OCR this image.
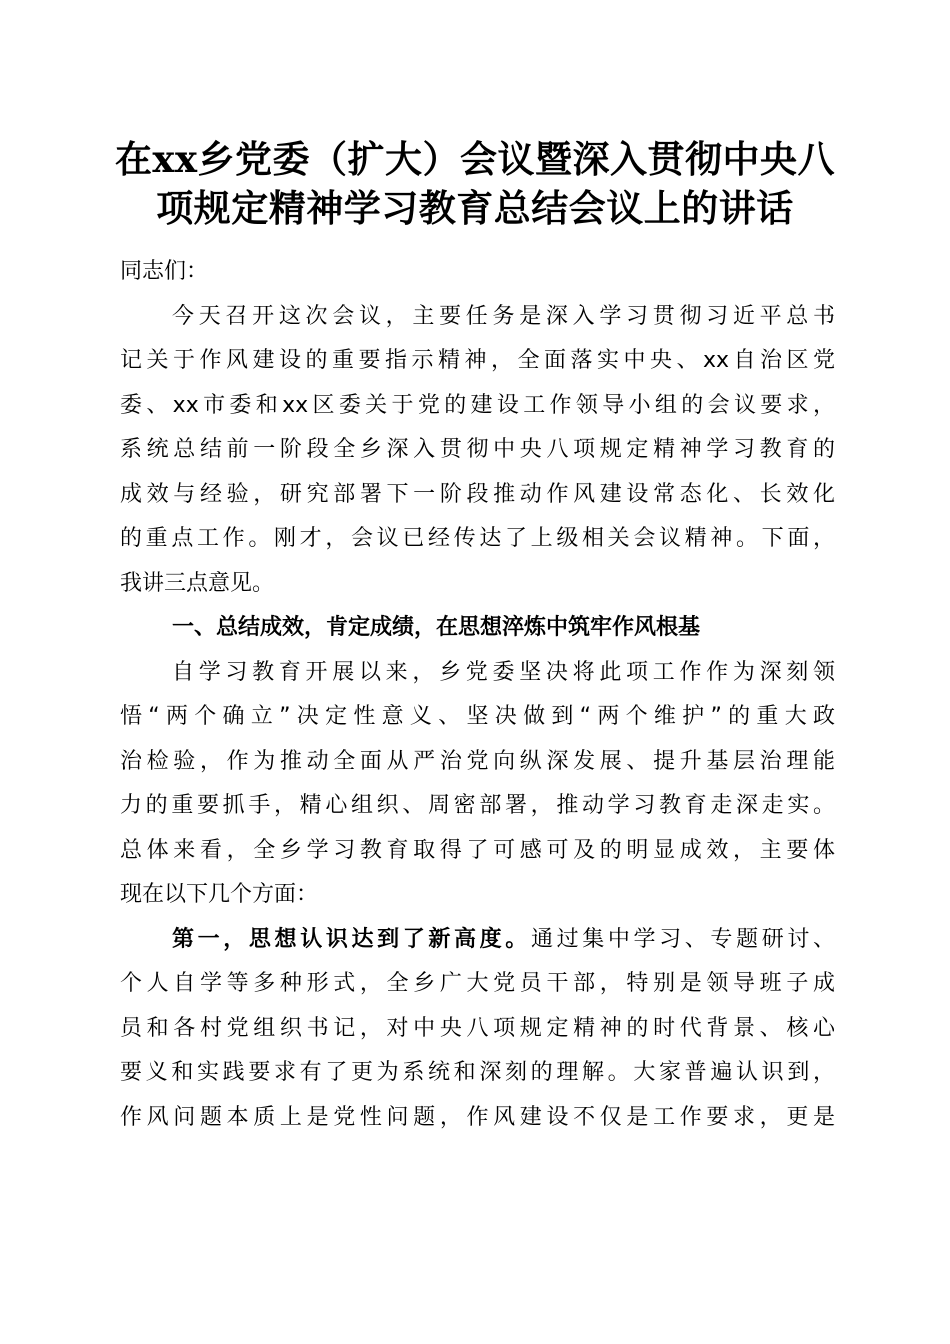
在xx乡党委（扩大）会议暨深入贯彻中央八
项规定精神学习教育总结会议上的讲话
同志们：
今天召开这次会议，主要任务是深入学习贯彻习近平总书
记关于作风建设的重要指示精神，全面落实中央、xx自治区党
委、xx市委和xx区委关于党的建设工作领导小组的会议要求，
系统总结前一阶段全乡深入贯彻中央八项规定精神学习教育的
成效与经验，研究部署下一阶段推动作风建设常态化、长效化
的重点工作。刚才，会议已经传达了上级相关会议精神。下面，
我讲三点意见。
一、总结成效，肯定成绩，在思想淬炼中筑牢作风根基
自学习教育开展以来，乡党委坚决将此项工作作为深刻领
悟“两个确立”决定性意义、坚决做到“两个维护”的重大政
治检验，作为推动全面从严治党向纵深发展、提升基层治理能
力的重要抓手，精心组织、周密部署，推动学习教育走深走实。
总体来看，全乡学习教育取得了可感可及的明显成效，主要体
现在以下几个方面：
第一，思想认识达到了新高度。通过集中学习、专题研讨、
个人自学等多种形式，全乡广大党员干部，特别是领导班子成
员和各村党组织书记，对中央八项规定精神的时代背景、核心
要义和实践要求有了更为系统和深刻的理解。大家普遍认识到，
作风问题本质上是党性问题，作风建设不仅是工作要求，更是
